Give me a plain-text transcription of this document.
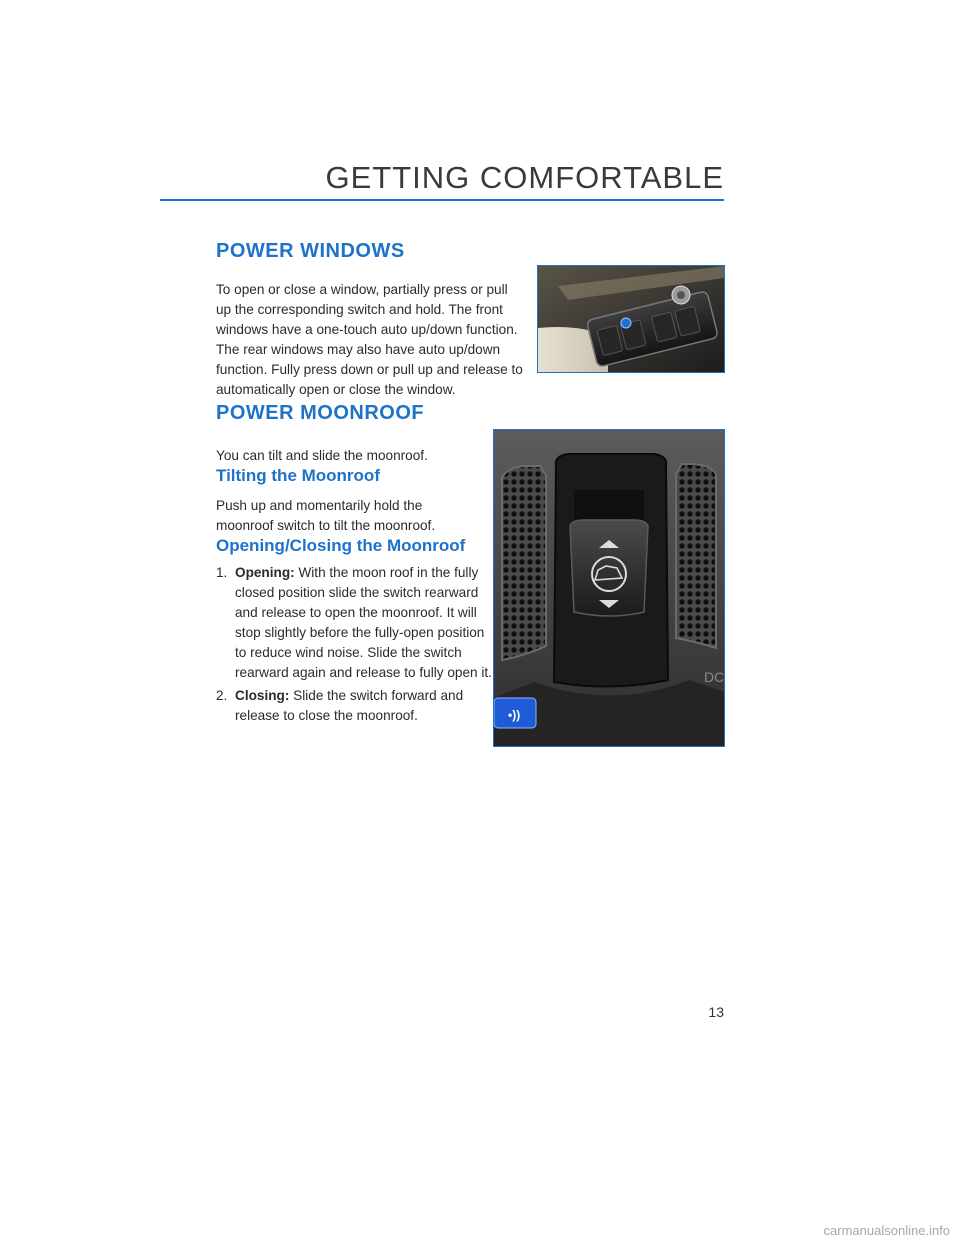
GETTING COMFORTABLE
POWER WINDOWS
To open or close a window, partially press or pull up the corresponding switch and hold. The front windows have a one-touch auto up/down function. The rear windows may also have auto up/down function. Fully press down or pull up and release to automatically open or close the window.
POWER MOONROOF
You can tilt and slide the moonroof.
Tilting the Moonroof
Push up and momentarily hold the moonroof switch to tilt the moonroof.
Opening/Closing the Moonroof
1. Opening: With the moon roof in the fully closed position slide the switch rearward and release to open the moonroof. It will stop slightly before the fully-open position to reduce wind noise. Slide the switch rearward again and release to fully open it.
2. Closing: Slide the switch forward and release to close the moonroof.	•))
DC
13
carmanualsonline.info
